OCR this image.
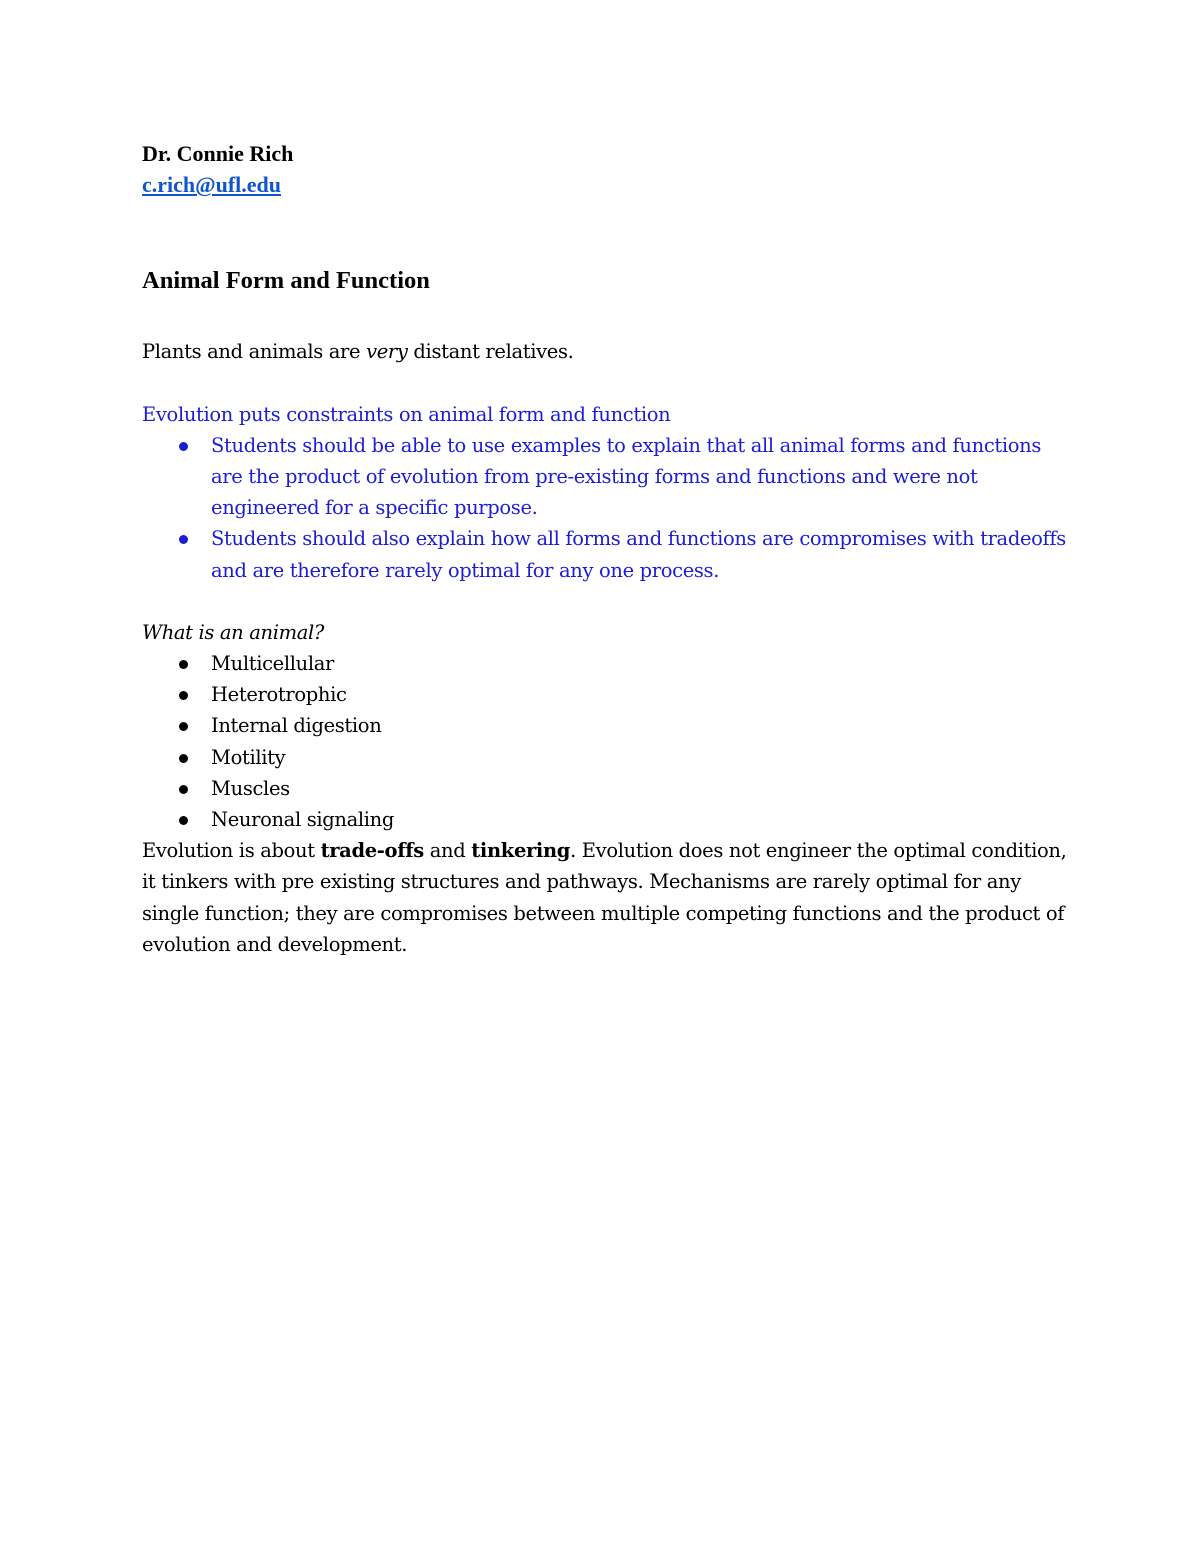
Dr. Connie Rich
c.rich@ufl.edu
Animal Form and Function
Plants and animals are very distant relatives.
Evolution puts constraints on animal form and function
Students should be able to use examples to explain that all animal forms and functions are the product of evolution from pre-existing forms and functions and were not engineered for a specific purpose.
Students should also explain how all forms and functions are compromises with tradeoffs and are therefore rarely optimal for any one process.
What is an animal?
Multicellular
Heterotrophic
Internal digestion
Motility
Muscles
Neuronal signaling
Evolution is about trade-offs and tinkering. Evolution does not engineer the optimal condition, it tinkers with pre existing structures and pathways. Mechanisms are rarely optimal for any single function; they are compromises between multiple competing functions and the product of evolution and development.
